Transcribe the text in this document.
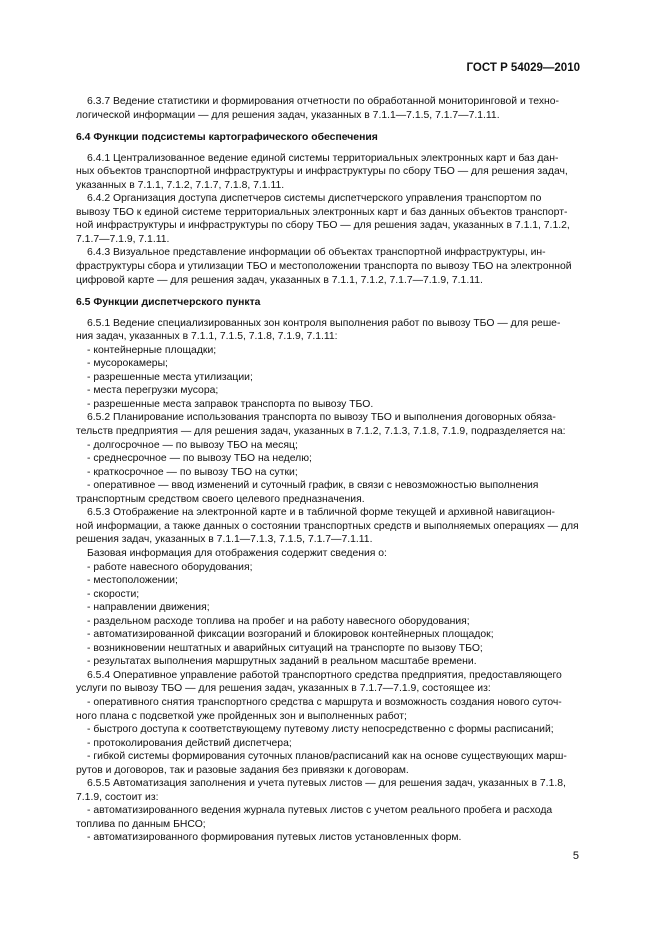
ГОСТ Р 54029—2010
6.3.7 Ведение статистики и формирования отчетности по обработанной мониторинговой и техно-
логической информации — для решения задач, указанных в 7.1.1—7.1.5, 7.1.7—7.1.11.
6.4 Функции подсистемы картографического обеспечения
6.4.1 Централизованное ведение единой системы территориальных электронных карт и баз дан-
ных объектов транспортной инфраструктуры и инфраструктуры по сбору ТБО — для решения задач,
указанных в 7.1.1, 7.1.2, 7.1.7, 7.1.8, 7.1.11.
6.4.2 Организация доступа диспетчеров системы диспетчерского управления транспортом по
вывозу ТБО к единой системе территориальных электронных карт и баз данных объектов транспорт-
ной инфраструктуры и инфраструктуры по сбору ТБО — для решения задач, указанных в 7.1.1, 7.1.2,
7.1.7—7.1.9, 7.1.11.
6.4.3 Визуальное представление информации об объектах транспортной инфраструктуры, ин-
фраструктуры сбора и утилизации ТБО и местоположении транспорта по вывозу ТБО на электронной
цифровой карте — для решения задач, указанных в 7.1.1, 7.1.2, 7.1.7—7.1.9, 7.1.11.
6.5 Функции диспетчерского пункта
6.5.1 Ведение специализированных зон контроля выполнения работ по вывозу ТБО — для реше-
ния задач, указанных в 7.1.1, 7.1.5, 7.1.8, 7.1.9, 7.1.11:
- контейнерные площадки;
- мусорокамеры;
- разрешенные места утилизации;
- места перегрузки мусора;
- разрешенные места заправок транспорта по вывозу ТБО.
6.5.2 Планирование использования транспорта по вывозу ТБО и выполнения договорных обяза-
тельств предприятия — для решения задач, указанных в 7.1.2, 7.1.3, 7.1.8, 7.1.9, подразделяется на:
- долгосрочное — по вывозу ТБО на месяц;
- среднесрочное — по вывозу ТБО на неделю;
- краткосрочное — по вывозу ТБО на сутки;
- оперативное — ввод изменений и суточный график, в связи с невозможностью выполнения
транспортным средством своего целевого предназначения.
6.5.3 Отображение на электронной карте и в табличной форме текущей и архивной навигацион-
ной информации, а также данных о состоянии транспортных средств и выполняемых операциях — для
решения задач, указанных в 7.1.1—7.1.3, 7.1.5, 7.1.7—7.1.11.
Базовая информация для отображения содержит сведения о:
- работе навесного оборудования;
- местоположении;
- скорости;
- направлении движения;
- раздельном расходе топлива на пробег и на работу навесного оборудования;
- автоматизированной фиксации возгораний и блокировок контейнерных площадок;
- возникновении нештатных и аварийных ситуаций на транспорте по вызову ТБО;
- результатах выполнения маршрутных заданий в реальном масштабе времени.
6.5.4 Оперативное управление работой транспортного средства предприятия, предоставляющего
услуги по вывозу ТБО — для решения задач, указанных в 7.1.7—7.1.9, состоящее из:
- оперативного снятия транспортного средства с маршрута и возможность создания нового суточ-
ного плана с подсветкой уже пройденных зон и выполненных работ;
- быстрого доступа к соответствующему путевому листу непосредственно с формы расписаний;
- протоколирования действий диспетчера;
- гибкой системы формирования суточных планов/расписаний как на основе существующих марш-
рутов и договоров, так и разовые задания без привязки к договорам.
6.5.5 Автоматизация заполнения и учета путевых листов — для решения задач, указанных в 7.1.8,
7.1.9, состоит из:
- автоматизированного ведения журнала путевых листов с учетом реального пробега и расхода
топлива по данным БНСО;
- автоматизированного формирования путевых листов установленных форм.
5
